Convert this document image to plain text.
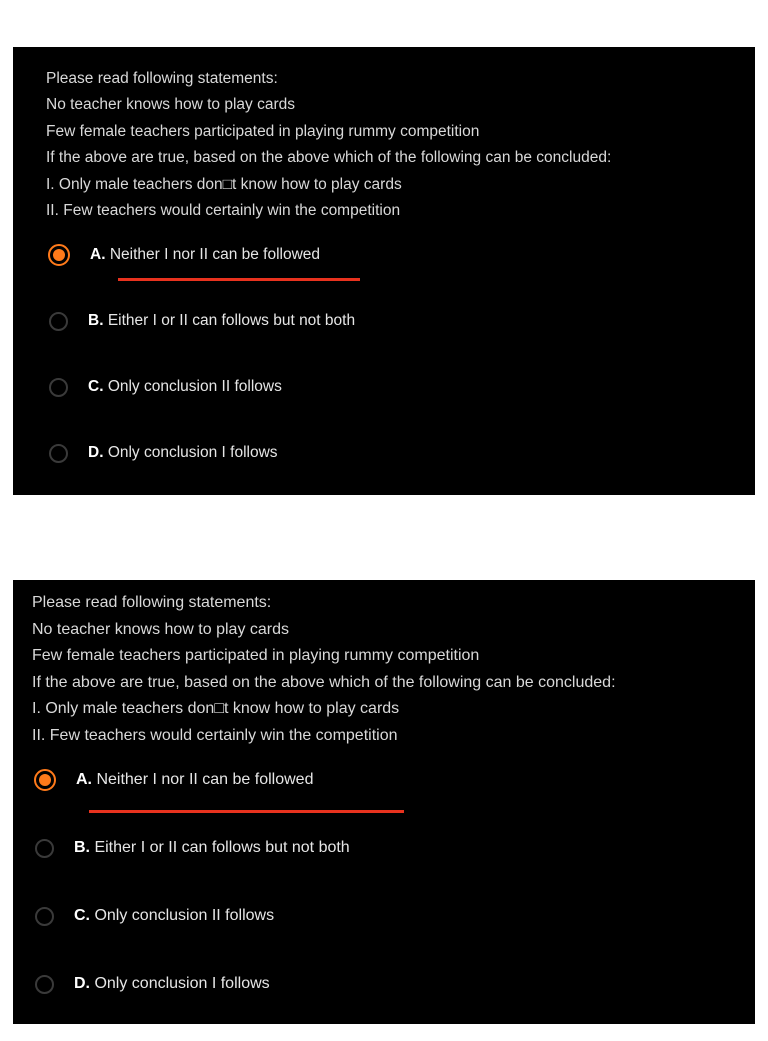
Please read following statements:
No teacher knows how to play cards
Few female teachers participated in playing rummy competition
If the above are true, based on the above which of the following can be concluded:
I. Only male teachers don□t know how to play cards
II. Few teachers would certainly win the competition
A. Neither I nor II can be followed
B. Either I or II can follows but not both
C. Only conclusion II follows
D. Only conclusion I follows
Please read following statements:
No teacher knows how to play cards
Few female teachers participated in playing rummy competition
If the above are true, based on the above which of the following can be concluded:
I. Only male teachers don□t know how to play cards
II. Few teachers would certainly win the competition
A. Neither I nor II can be followed
B. Either I or II can follows but not both
C. Only conclusion II follows
D. Only conclusion I follows
